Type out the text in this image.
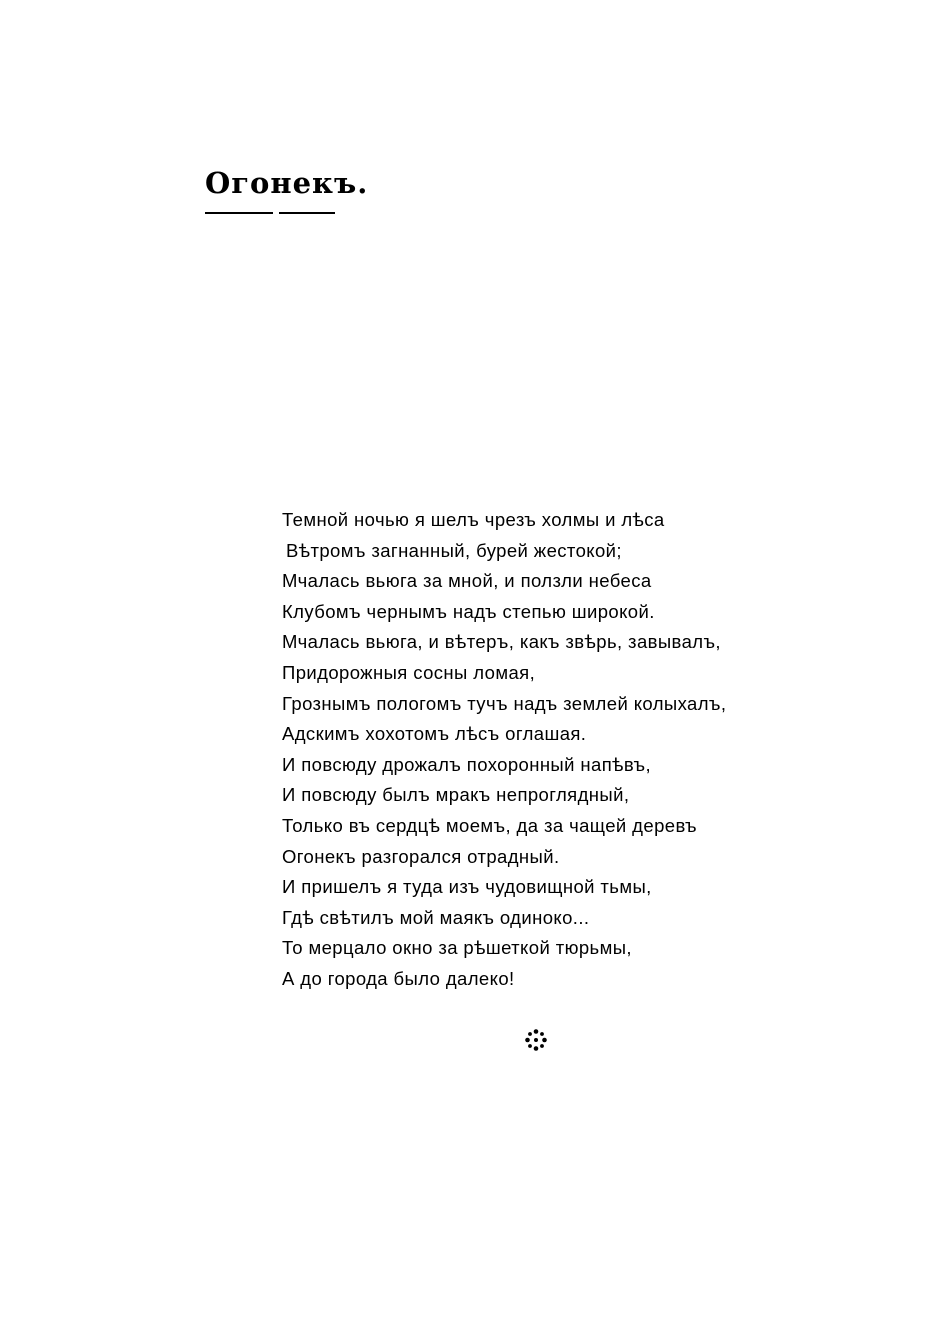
Огонекъ.
Темной ночью я шелъ чрезъ холмы и лѣса
Вѣтромъ загнанный, бурей жестокой;
Мчалась вьюга за мной, и ползли небеса
Клубомъ чернымъ надъ степью широкой.
Мчалась вьюга, и вѣтеръ, какъ звѣрь, завывалъ,
Придорожныя сосны ломая,
Грознымъ пологомъ тучъ надъ землей колыхалъ,
Адскимъ хохотомъ лѣсъ оглашая.
И повсюду дрожалъ похоронный напѣвъ,
И повсюду былъ мракъ непроглядный,
Только въ сердцѣ моемъ, да за чащей деревъ
Огонекъ разгорался отрадный.
И пришелъ я туда изъ чудовищной тьмы,
Гдѣ свѣтилъ мой маякъ одиноко...
То мерцало окно за рѣшеткой тюрьмы,
А до города было далеко!
